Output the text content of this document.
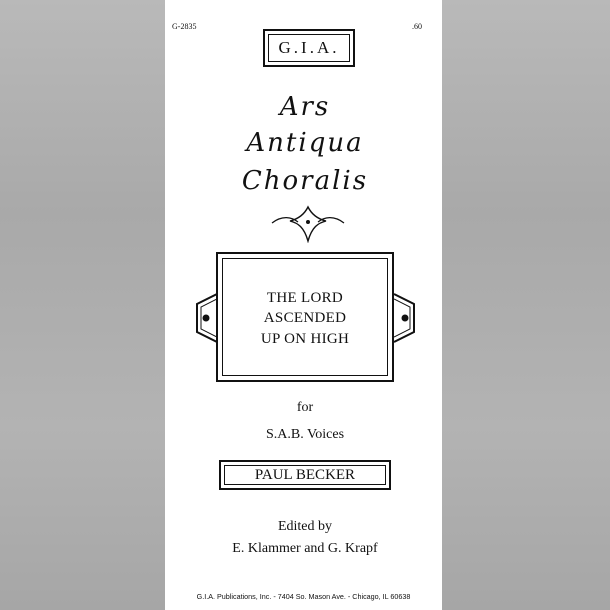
G-2835	.60
G.I.A.
Ars
Antiqua
Choralis
THE LORD
ASCENDED
UP ON HIGH
for
S.A.B. Voices
PAUL BECKER
Edited by
E. Klammer and G. Krapf
G.I.A. Publications, Inc. - 7404 So. Mason Ave. - Chicago, IL 60638
